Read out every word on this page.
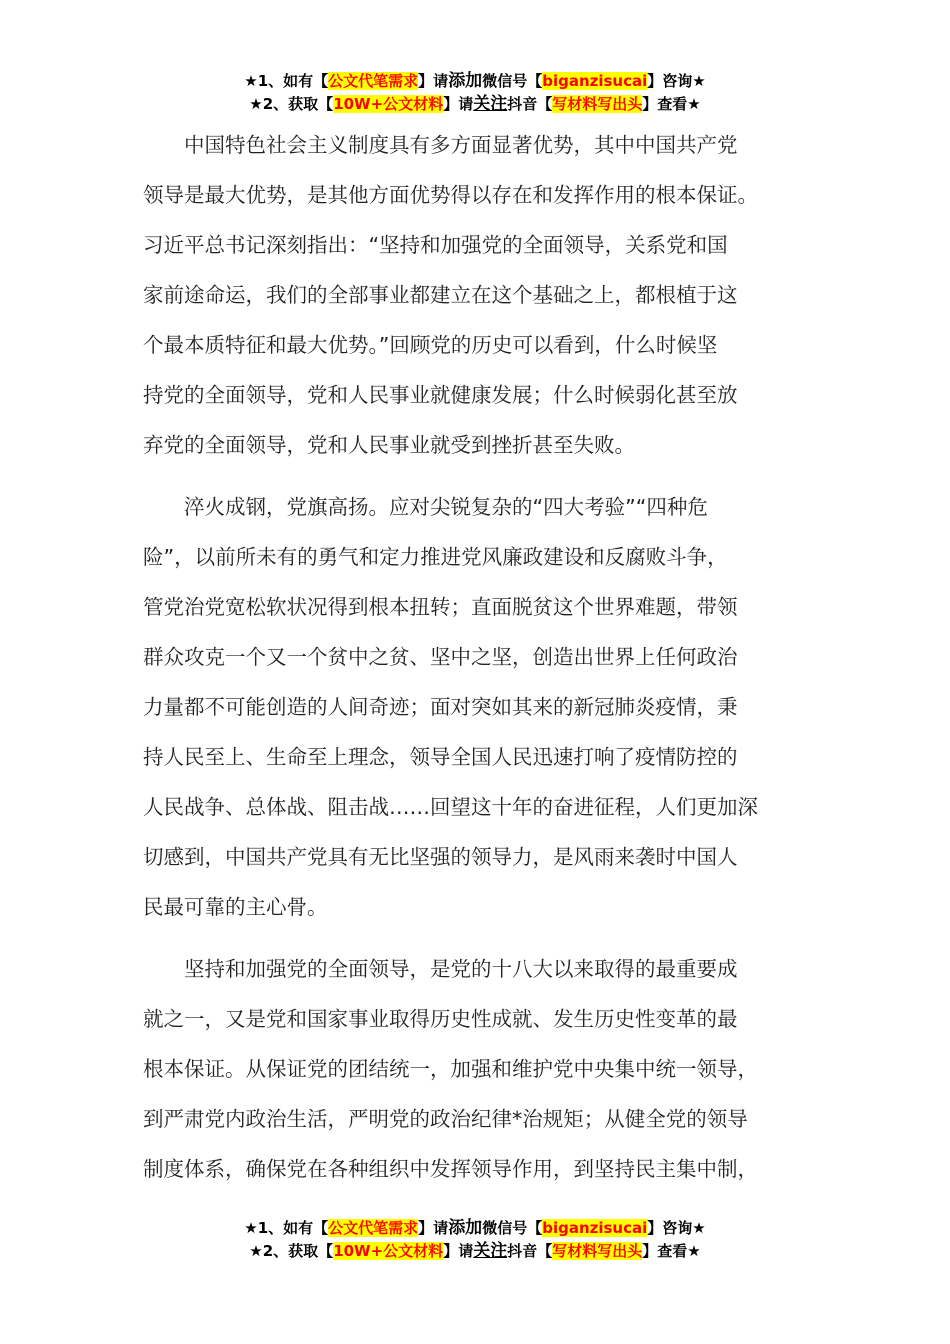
★1、如有【公文代笔需求】请添加微信号【biganzisucai】咨询★
★2、获取【10W+公文材料】请关注抖音【写材料写出头】查看★
中国特色社会主义制度具有多方面显著优势，其中中国共产党
领导是最大优势，是其他方面优势得以存在和发挥作用的根本保证。
习近平总书记深刻指出：“坚持和加强党的全面领导，关系党和国
家前途命运，我们的全部事业都建立在这个基础之上，都根植于这
个最本质特征和最大优势。”回顾党的历史可以看到，什么时候坚
持党的全面领导，党和人民事业就健康发展；什么时候弱化甚至放
弃党的全面领导，党和人民事业就受到挫折甚至失败。
淬火成钢，党旗高扬。应对尖锐复杂的“四大考验”“四种危
险”，以前所未有的勇气和定力推进党风廉政建设和反腐败斗争，
管党治党宽松软状况得到根本扭转；直面脱贫这个世界难题，带领
群众攻克一个又一个贫中之贫、坚中之坚，创造出世界上任何政治
力量都不可能创造的人间奇迹；面对突如其来的新冠肺炎疫情，秉
持人民至上、生命至上理念，领导全国人民迅速打响了疫情防控的
人民战争、总体战、阻击战……回望这十年的奋进征程，人们更加深
切感到，中国共产党具有无比坚强的领导力，是风雨来袭时中国人
民最可靠的主心骨。
坚持和加强党的全面领导，是党的十八大以来取得的最重要成
就之一，又是党和国家事业取得历史性成就、发生历史性变革的最
根本保证。从保证党的团结统一，加强和维护党中央集中统一领导，
到严肃党内政治生活，严明党的政治纪律*治规矩；从健全党的领导
制度体系，确保党在各种组织中发挥领导作用，到坚持民主集中制，
★1、如有【公文代笔需求】请添加微信号【biganzisucai】咨询★
★2、获取【10W+公文材料】请关注抖音【写材料写出头】查看★
